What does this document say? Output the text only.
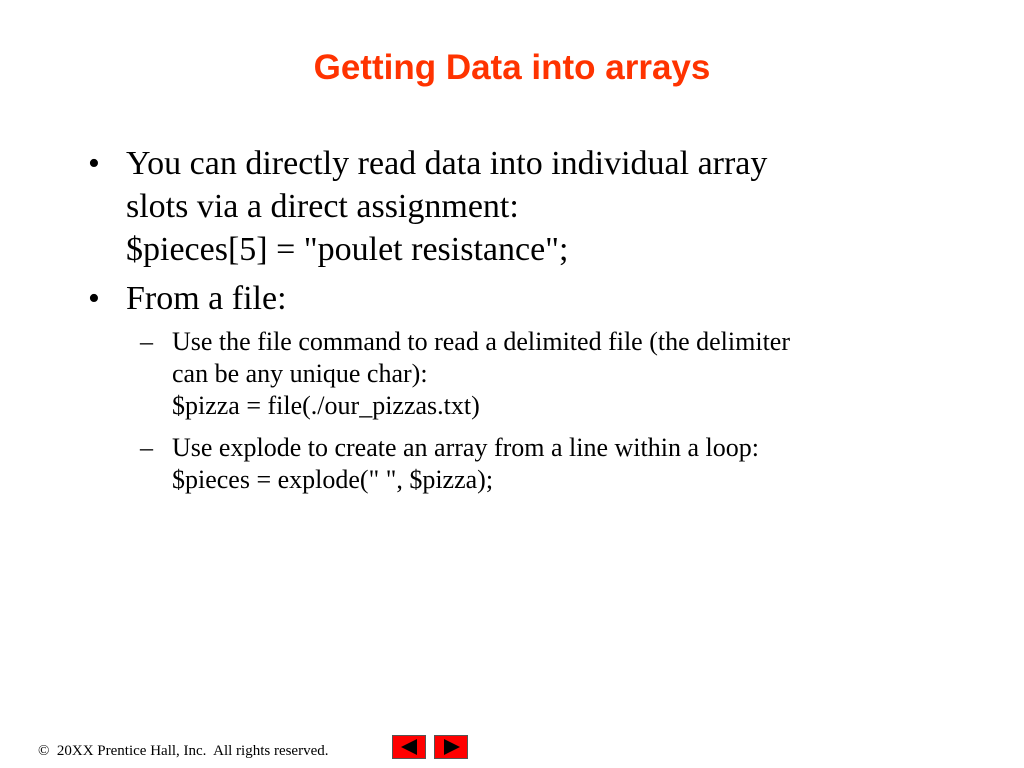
Getting Data into arrays
• You can directly read data into individual array
slots via a direct assignment:
$pieces[5] = "poulet resistance";
• From a file:
– Use the file command to read a delimited file (the delimiter
can be any unique char):
$pizza = file(./our_pizzas.txt)
– Use explode to create an array from a line within a loop:
$pieces = explode(" ", $pizza);
©  20XX Prentice Hall, Inc.  All rights reserved.
